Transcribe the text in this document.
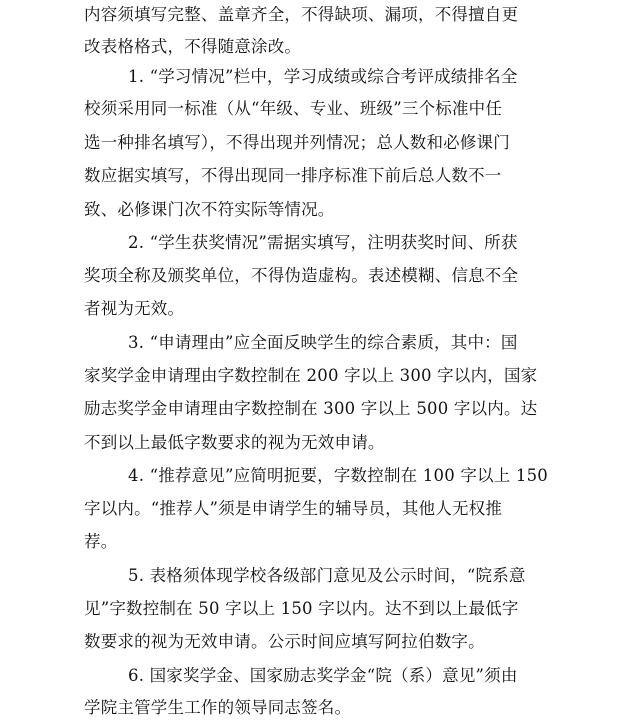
内容须填写完整、盖章齐全，不得缺项、漏项，不得擅自更
改表格格式，不得随意涂改。
1. “学习情况”栏中，学习成绩或综合考评成绩排名全
校须采用同一标准（从“年级、专业、班级”三个标准中任
选一种排名填写），不得出现并列情况；总人数和必修课门
数应据实填写，不得出现同一排序标准下前后总人数不一
致、必修课门次不符实际等情况。
2. “学生获奖情况”需据实填写，注明获奖时间、所获
奖项全称及颁奖单位，不得伪造虚构。表述模糊、信息不全
者视为无效。
3. “申请理由”应全面反映学生的综合素质，其中：国
家奖学金申请理由字数控制在 200 字以上 300 字以内，国家
励志奖学金申请理由字数控制在 300 字以上 500 字以内。达
不到以上最低字数要求的视为无效申请。
4. “推荐意见”应简明扼要，字数控制在 100 字以上 150
字以内。“推荐人”须是申请学生的辅导员，其他人无权推
荐。
5. 表格须体现学校各级部门意见及公示时间，“院系意
见”字数控制在 50 字以上 150 字以内。达不到以上最低字
数要求的视为无效申请。公示时间应填写阿拉伯数字。
6. 国家奖学金、国家励志奖学金“院（系）意见”须由
学院主管学生工作的领导同志签名。
